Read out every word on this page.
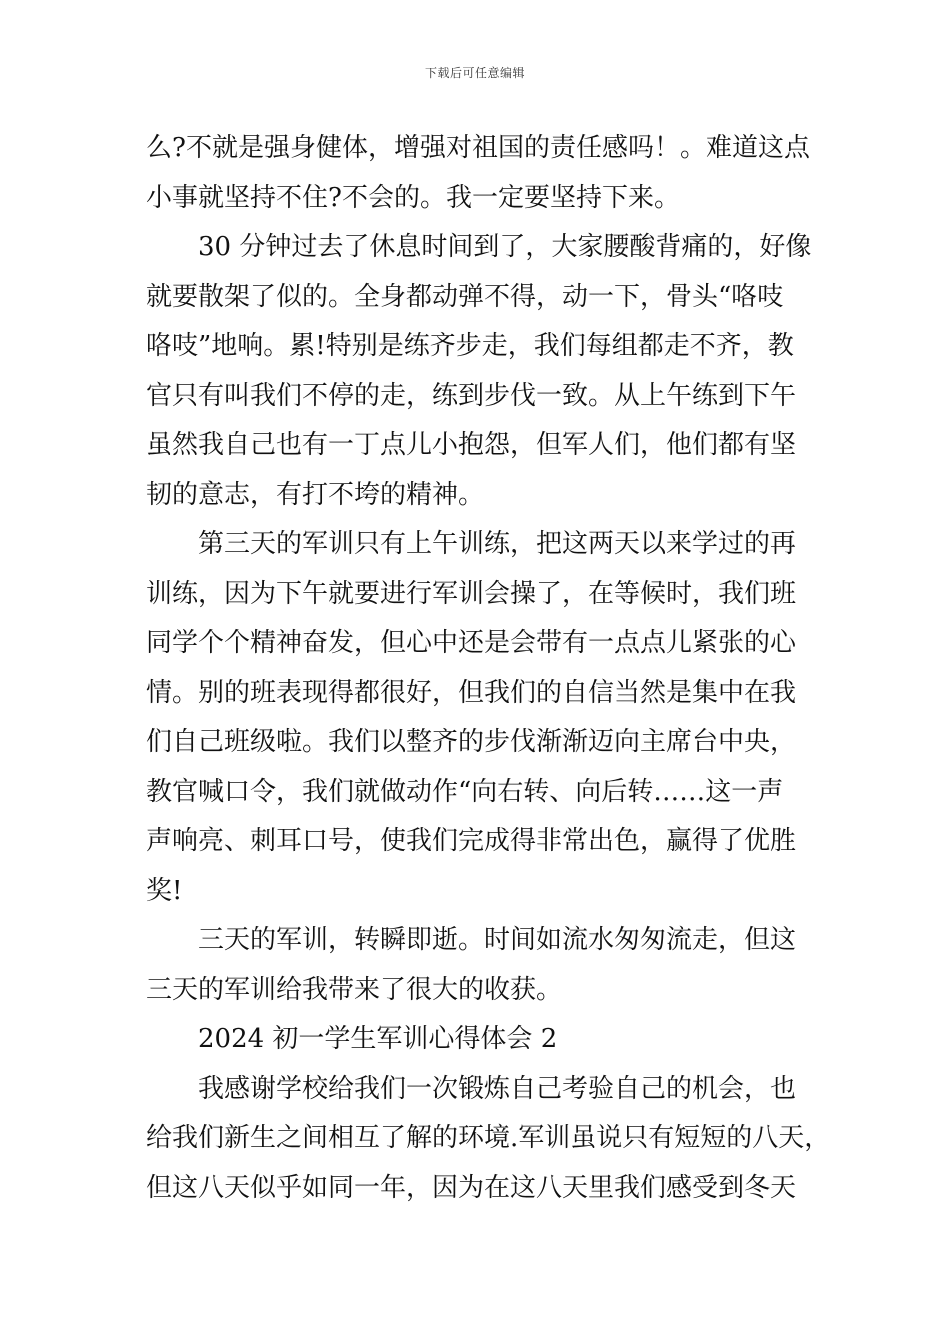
下载后可任意编辑
么?不就是强身健体，增强对祖国的责任感吗！。难道这点
小事就坚持不住?不会的。我一定要坚持下来。
30 分钟过去了休息时间到了，大家腰酸背痛的，好像
就要散架了似的。全身都动弹不得，动一下，骨头“咯吱
咯吱”地响。累!特别是练齐步走，我们每组都走不齐，教
官只有叫我们不停的走，练到步伐一致。从上午练到下午
虽然我自己也有一丁点儿小抱怨，但军人们，他们都有坚
韧的意志，有打不垮的精神。
第三天的军训只有上午训练，把这两天以来学过的再
训练，因为下午就要进行军训会操了，在等候时，我们班
同学个个精神奋发，但心中还是会带有一点点儿紧张的心
情。别的班表现得都很好，但我们的自信当然是集中在我
们自己班级啦。我们以整齐的步伐渐渐迈向主席台中央，
教官喊口令，我们就做动作“向右转、向后转……这一声
声响亮、刺耳口号，使我们完成得非常出色，赢得了优胜
奖!
三天的军训，转瞬即逝。时间如流水匆匆流走，但这
三天的军训给我带来了很大的收获。
2024 初一学生军训心得体会 2
我感谢学校给我们一次锻炼自己考验自己的机会，也
给我们新生之间相互了解的环境.军训虽说只有短短的八天，
但这八天似乎如同一年，因为在这八天里我们感受到冬天
